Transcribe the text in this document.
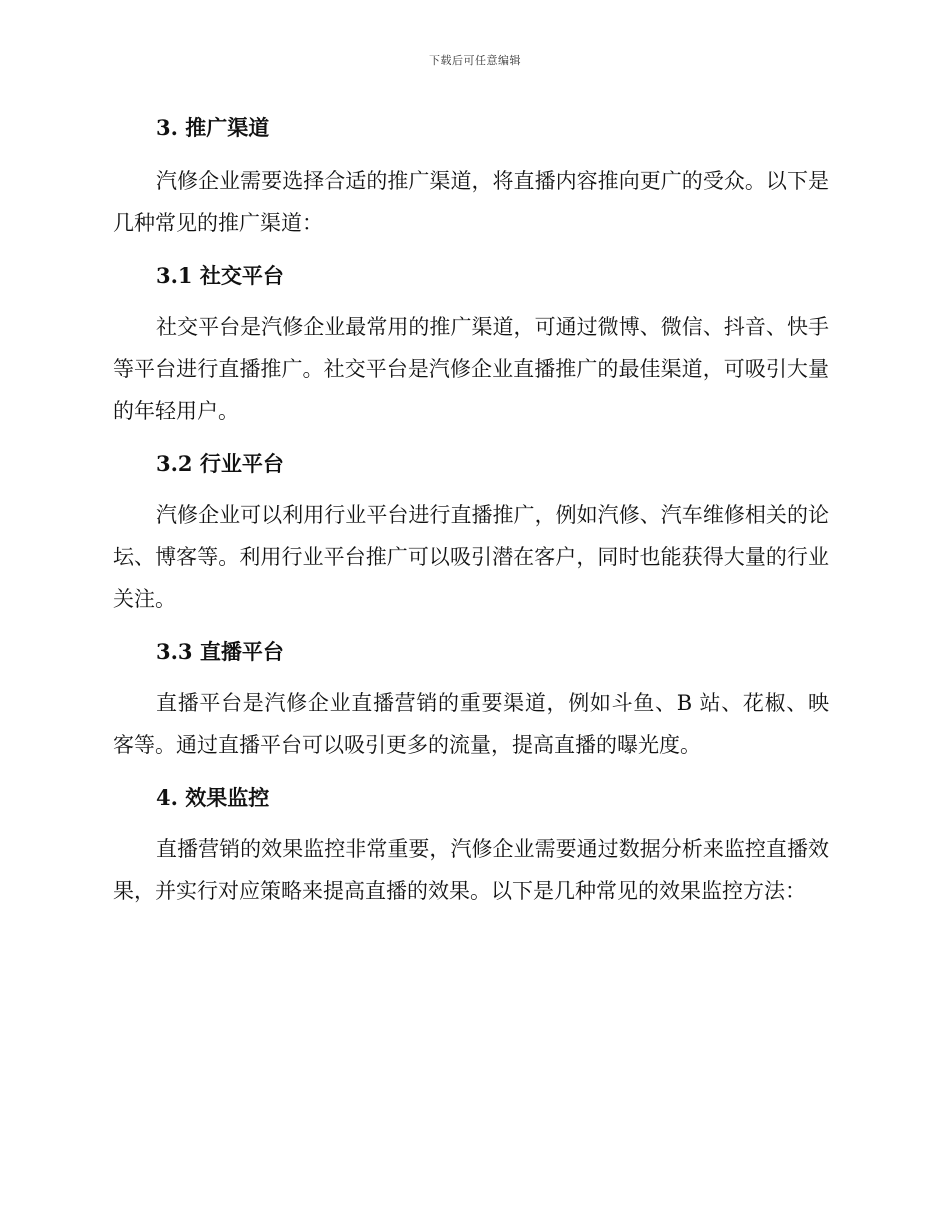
下载后可任意编辑
3. 推广渠道

汽修企业需要选择合适的推广渠道，将直播内容推向更广的受众。以下是几种常见的推广渠道：

3.1 社交平台

社交平台是汽修企业最常用的推广渠道，可通过微博、微信、抖音、快手等平台进行直播推广。社交平台是汽修企业直播推广的最佳渠道，可吸引大量的年轻用户。

3.2 行业平台

汽修企业可以利用行业平台进行直播推广，例如汽修、汽车维修相关的论坛、博客等。利用行业平台推广可以吸引潜在客户，同时也能获得大量的行业关注。

3.3 直播平台

直播平台是汽修企业直播营销的重要渠道，例如斗鱼、B 站、花椒、映客等。通过直播平台可以吸引更多的流量，提高直播的曝光度。

4. 效果监控

直播营销的效果监控非常重要，汽修企业需要通过数据分析来监控直播效果，并实行对应策略来提高直播的效果。以下是几种常见的效果监控方法：
